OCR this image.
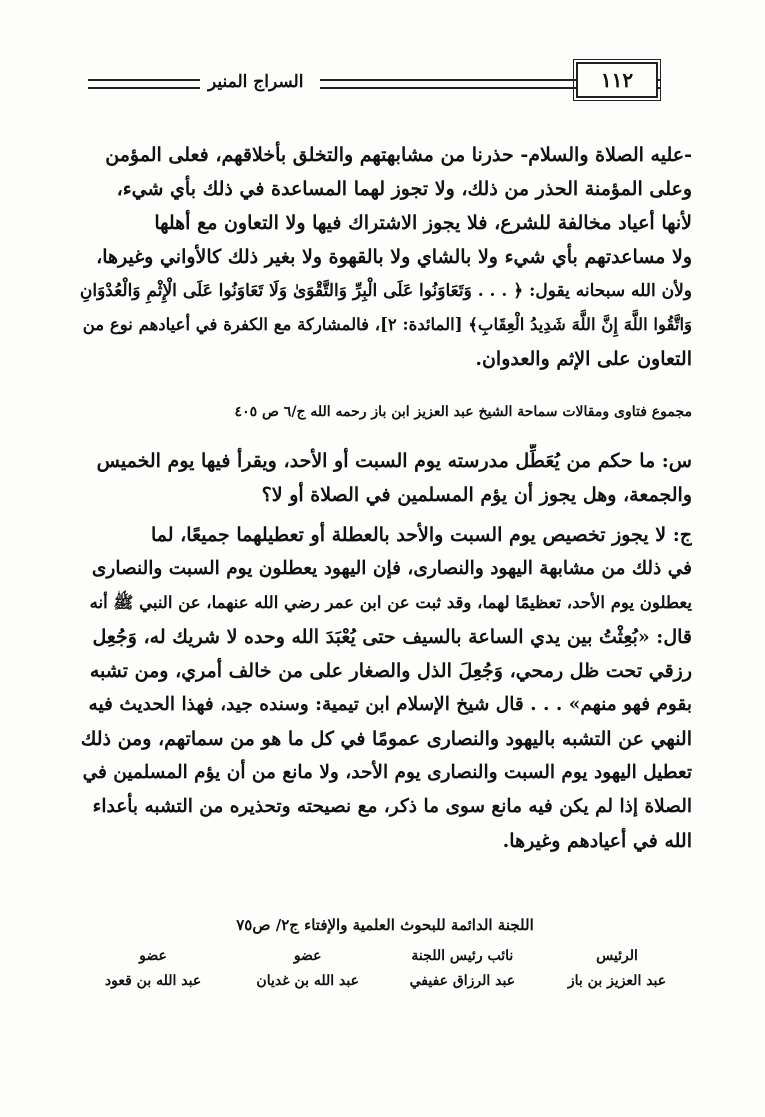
السراج المنير	١١٢
-عليه الصلاة والسلام- حذرنا من مشابهتهم والتخلق بأخلاقهم، فعلى المؤمن
وعلى المؤمنة الحذر من ذلك، ولا تجوز لهما المساعدة في ذلك بأي شيء،
لأنها أعياد مخالفة للشرع، فلا يجوز الاشتراك فيها ولا التعاون مع أهلها
ولا مساعدتهم بأي شيء ولا بالشاي ولا بالقهوة ولا بغير ذلك كالأواني وغيرها،
ولأن الله سبحانه يقول: ﴿ . . . وَتَعَاوَنُوا عَلَى الْبِرِّ وَالتَّقْوَىٰ وَلَا تَعَاوَنُوا عَلَى الْإِثْمِ وَالْعُدْوَانِ
وَاتَّقُوا اللَّهَ إِنَّ اللَّهَ شَدِيدُ الْعِقَابِ﴾ [المائدة: ٢]، فالمشاركة مع الكفرة في أعيادهم نوع من
التعاون على الإثم والعدوان.
مجموع فتاوى ومقالات سماحة الشيخ عبد العزيز ابن باز رحمه الله ج/٦ ص ٤٠٥
س: ما حكم من يُعَطِّل مدرسته يوم السبت أو الأحد، ويقرأ فيها يوم الخميس
والجمعة، وهل يجوز أن يؤم المسلمين في الصلاة أو لا؟
ج: لا يجوز تخصيص يوم السبت والأحد بالعطلة أو تعطيلهما جميعًا، لما
في ذلك من مشابهة اليهود والنصارى، فإن اليهود يعطلون يوم السبت والنصارى
يعطلون يوم الأحد، تعظيمًا لهما، وقد ثبت عن ابن عمر رضي الله عنهما، عن النبي ﷺ أنه
قال: «بُعِثْتُ بين يدي الساعة بالسيف حتى يُعْبَدَ الله وحده لا شريك له، وَجُعِل
رزقي تحت ظل رمحي، وَجُعِلَ الذل والصغار على من خالف أمري، ومن تشبه
بقوم فهو منهم» . . . قال شيخ الإسلام ابن تيمية: وسنده جيد، فهذا الحديث فيه
النهي عن التشبه باليهود والنصارى عمومًا في كل ما هو من سماتهم، ومن ذلك
تعطيل اليهود يوم السبت والنصارى يوم الأحد، ولا مانع من أن يؤم المسلمين في
الصلاة إذا لم يكن فيه مانع سوى ما ذكر، مع نصيحته وتحذيره من التشبه بأعداء
الله في أعيادهم وغيرها.
اللجنة الدائمة للبحوث العلمية والإفتاء ج٢/ ص٧٥
الرئيس
عبد العزيز بن باز
نائب رئيس اللجنة
عبد الرزاق عفيفي
عضو
عبد الله بن غديان
عضو
عبد الله بن قعود
